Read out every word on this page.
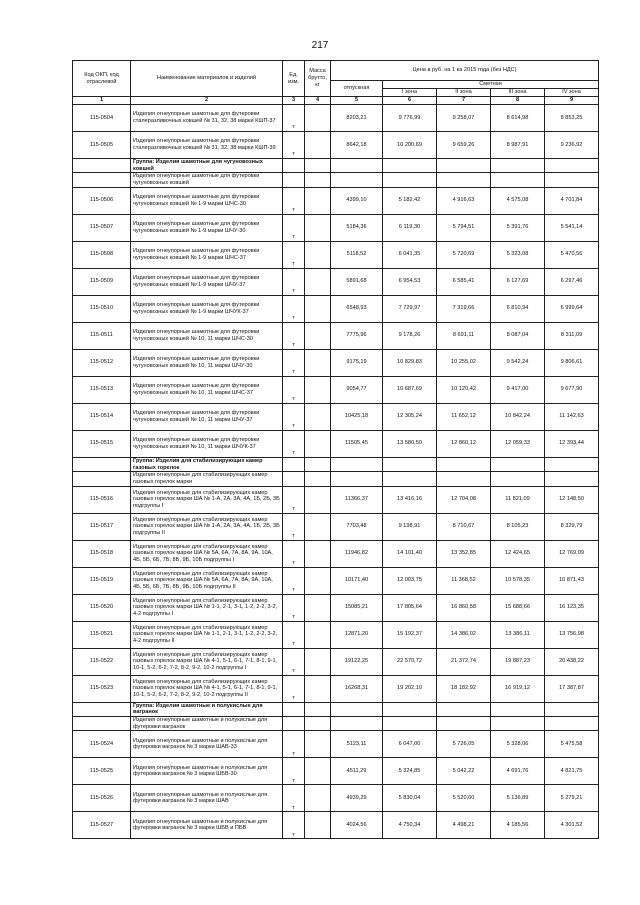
217
Код ОКП, код отраслевой	Наименование материалов и изделий	Ед. изм.	Масса брутто, кг	Цена в руб. на 1 ка 2015 года (без НДС)				
				отпускная	Сметная			
					I зона	II зона	III зона	IV зона
1	2	3	4	5	6	7	8	9
115-0504	Изделия огнеупорные шамотные для футеровки сталеразливочных ковшей № 31, 32, 38 марки КШП-37	т		8203,21	9 776,99	9 258,07	8 614,98	8 853,25
115-0505	Изделия огнеупорные шамотные для футеровки сталеразливочных ковшей № 31, 32, 38 марки КШП-39	т		8642,18	10 200,69	9 659,26	8 987,91	9 236,92
	Группа: Изделия шамотные для чугуновозных ковшей							
	Изделия огнеупорные шамотные для футеровки чугуновозных ковшей							
115-0506	Изделия огнеупорные шамотные для футеровки чугуновозных ковшей № 1-9 марки ШЧС-30	т		4399,10	5 182,42	4 916,63	4 575,08	4 701,84
115-0507	Изделия огнеупорные шамотные для футеровки чугуновозных ковшей № 1-9 марки ШЧУ-30	т		5184,36	6 119,30	5 794,51	5 391,76	5 541,14
115-0508	Изделия огнеупорные шамотные для футеровки чугуновозных ковшей № 1-9 марки ШЧС-37	т		5118,52	6 041,35	5 720,69	5 323,08	5 470,56
115-0509	Изделия огнеупорные шамотные для футеровки чугуновозных ковшей № 1-9 марки ШЧУ-37	т		5891,68	6 954,53	6 585,41	6 127,69	6 297,46
115-0510	Изделия огнеупорные шамотные для футеровки чугуновозных ковшей № 1-9 марки ШЧУК-37	т		6548,93	7 729,97	7 319,66	6 810,94	6 999,64
115-0511	Изделия огнеупорные шамотные для футеровки чугуновозных ковшей № 10, 11 марки ШЧС-30	т		7775,96	9 178,26	8 691,11	8 087,04	8 311,09
115-0512	Изделия огнеупорные шамотные для футеровки чугуновозных ковшей № 10, 11 марки ШЧУ-30	т		9175,19	10 829,83	10 255,02	9 542,24	9 806,61
115-0513	Изделия огнеупорные шамотные для футеровки чугуновозных ковшей № 10, 11 марки ШЧС-37	т		9054,77	10 687,69	10 120,42	9 417,00	9 677,90
115-0514	Изделия огнеупорные шамотные для футеровки чугуновозных ковшей № 10, 11 марки ШЧУ-37	т		10425,18	12 305,24	11 652,12	10 842,24	11 142,63
115-0515	Изделия огнеупорные шамотные для футеровки чугуновозных ковшей № 10, 11 марки ШЧУК-37	т		11505,45	13 580,50	12 860,12	12 059,33	12 393,44
	Группа: Изделия для стабилизирующих камер газовых горелок							
	Изделия огнеупорные для стабилизирующих камер газовых горелок марки							
115-0516	Изделия огнеупорные для стабилизирующих камер газовых горелок марки ША № 1-А, 2А, 3А, 4А, 1Б, 2Б, 3Б подгруппы I	т		11366,37	13 416,16	12 704,08	11 821,09	12 148,50
115-0517	Изделия огнеупорные для стабилизирующих камер газовых горелок марки ША № 1-А, 2А, 3А, 4А, 1Б, 2Б, 3Б подгруппы II	т		7703,48	9 198,91	8 710,67	8 105,23	8 329,79
115-0518	Изделия огнеупорные для стабилизирующих камер газовых горелок марки ША № 5А, 6А, 7А, 8А, 9А, 10А, 4Б, 5Б, 6Б, 7Б, 8Б, 9Б, 10Б подгруппы I	т		11946,82	14 101,40	13 352,85	12 424,65	12 769,09
115-0519	Изделия огнеупорные для стабилизирующих камер газовых горелок марки ША № 5А, 6А, 7А, 8А, 9А, 10А, 4Б, 5Б, 6Б, 7Б, 8Б, 9Б, 10Б подгруппы II	т		10171,40	12 003,75	11 368,52	10 578,35	10 871,43
115-0520	Изделия огнеупорные для стабилизирующих камер газовых горелок марки ША № 1-1, 2-1, 3-1, 1-2, 2-2, 3-2, 4-2 подгруппы I	т		15085,21	17 805,64	16 860,58	15 688,66	16 123,35
115-0521	Изделия огнеупорные для стабилизирующих камер газовых горелок марки ША № 1-1, 2-1, 3-1, 1-2, 2-2, 3-2, 4-2 подгруппы II	т		12871,20	15 192,37	14 386,02	13 386,11	13 756,98
115-0522	Изделия огнеупорные для стабилизирующих камер газовых горелок марки ША № 4-1, 5-1, 6-1, 7-1, 8-1, 9-1, 10-1, 5-2, 6-2, 7-2, 8-2, 9-2, 10-2 подгруппы I	т		19122,25	22 570,72	21 372,74	19 887,23	20 438,22
115-0523	Изделия огнеупорные для стабилизирующих камер газовых горелок марки ША № 4-1, 5-1, 6-1, 7-1, 8-1, 9-1, 10-1, 5-2, 6-2, 7-2, 8-2, 9-2, 10-2 подгруппы II	т		16268,31	19 202,10	18 182,92	16 919,12	17 387,87
	Группа: Изделия шамотные и полукислые для вагранок							
	Изделия огнеупорные шамотные и полукислые для футеровки вагранок							
115-0524	Изделия огнеупорные шамотные и полукислые для футеровки вагранок № 3 марки ШАВ-33	т		5123,11	6 047,00	5 726,05	5 328,06	5 475,58
115-0525	Изделия огнеупорные шамотные и полукислые для футеровки вагранок № 3 марки ШБВ-30	т		4511,29	5 324,85	5 042,22	4 691,76	4 821,75
115-0526	Изделия огнеупорные шамотные и полукислые для футеровки вагранок № 3 марки ШАВ	т		4939,29	5 830,04	5 520,60	5 136,89	5 279,21
115-0527	Изделия огнеупорные шамотные и полукислые для футеровки вагранок № 3 марки ШБВ и ПБВ	т		4024,56	4 750,34	4 498,21	4 185,56	4 301,52
